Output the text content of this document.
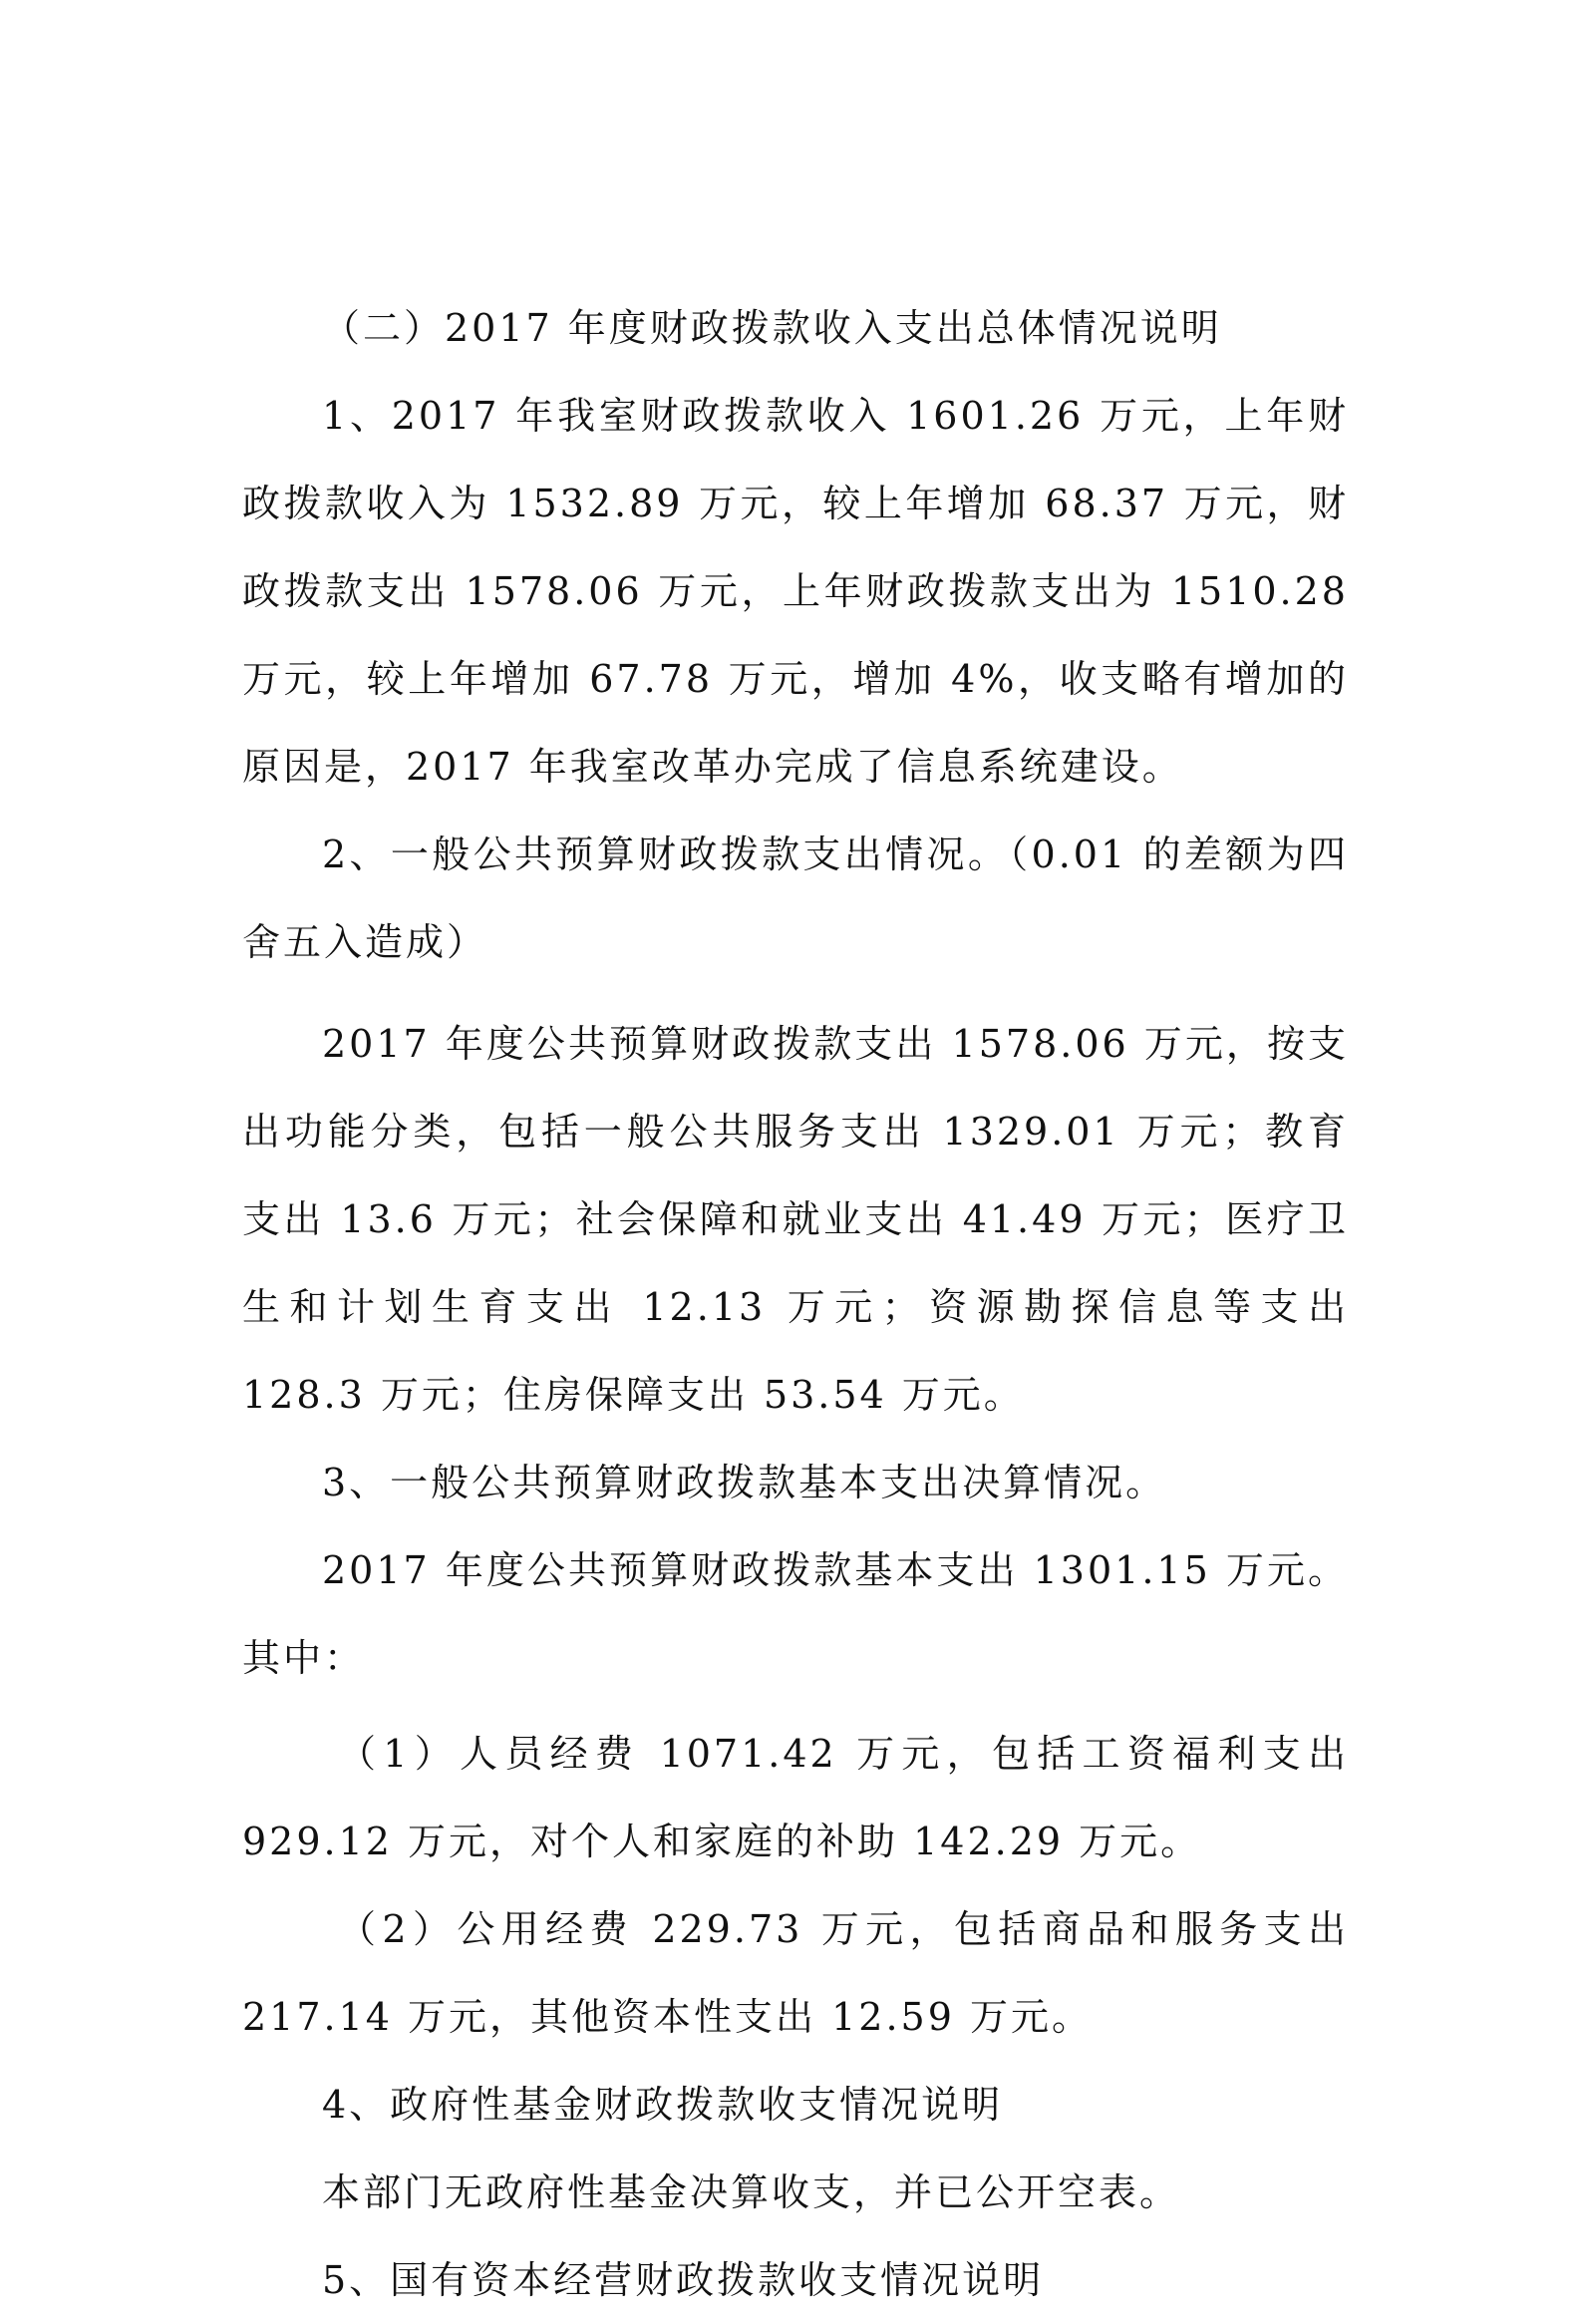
（二）2017 年度财政拨款收入支出总体情况说明

1、2017 年我室财政拨款收入 1601.26 万元，上年财政拨款收入为 1532.89 万元，较上年增加 68.37 万元，财政拨款支出 1578.06 万元，上年财政拨款支出为 1510.28 万元，较上年增加 67.78 万元，增加 4%，收支略有增加的原因是，2017 年我室改革办完成了信息系统建设。

2、一般公共预算财政拨款支出情况。（0.01 的差额为四舍五入造成）

2017 年度公共预算财政拨款支出 1578.06 万元，按支出功能分类，包括一般公共服务支出 1329.01 万元；教育支出 13.6 万元；社会保障和就业支出 41.49 万元；医疗卫生和计划生育支出 12.13 万元；资源勘探信息等支出 128.3 万元；住房保障支出 53.54 万元。

3、一般公共预算财政拨款基本支出决算情况。

2017 年度公共预算财政拨款基本支出 1301.15 万元。其中：

（1）人员经费 1071.42 万元，包括工资福利支出 929.12 万元，对个人和家庭的补助 142.29 万元。

（2）公用经费 229.73 万元，包括商品和服务支出 217.14 万元，其他资本性支出 12.59 万元。

4、政府性基金财政拨款收支情况说明

本部门无政府性基金决算收支，并已公开空表。

5、国有资本经营财政拨款收支情况说明
